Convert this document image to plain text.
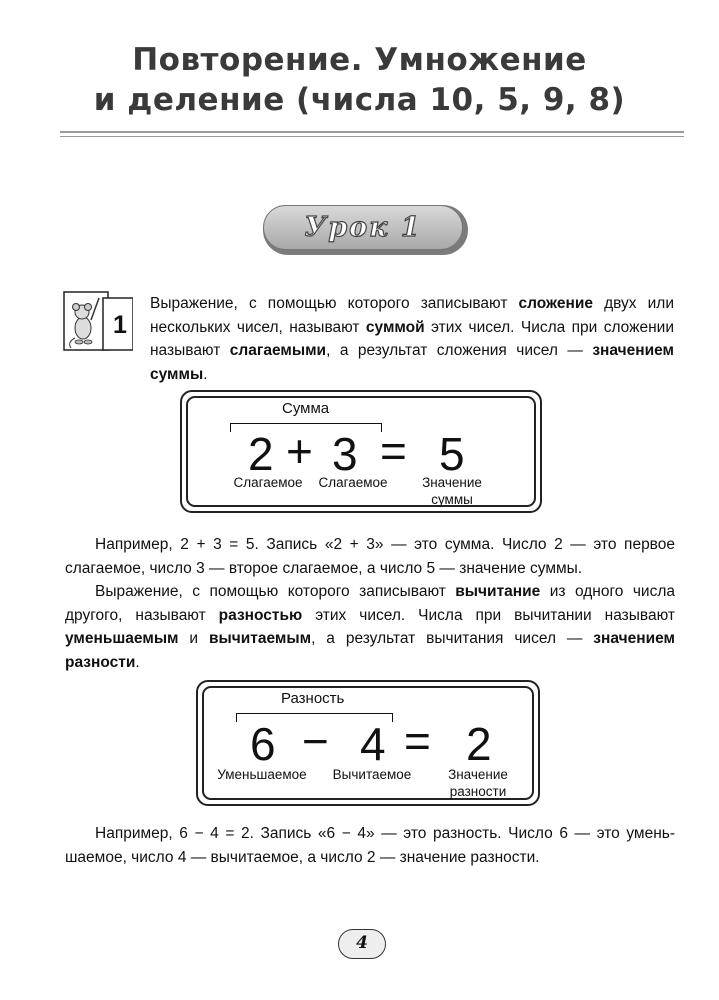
Повторение. Умножение
и деление (числа 10, 5, 9, 8)
Урок 1
1

Выражение, с помощью которого записывают сложение двух или нескольких чисел, называют суммой этих чисел. Числа при сложении называют слагаемыми, а результат сложения чисел — значением суммы.

Сумма
2 + 3 = 5
Слагаемое	Слагаемое	Значение
суммы

Например, 2 + 3 = 5. Запись «2 + 3» — это сумма. Число 2 — это первое слагаемое, число 3 — второе слагаемое, а число 5 — значение суммы.

Выражение, с помощью которого записывают вычитание из одного числа другого, называют разностью этих чисел. Числа при вычитании называют уменьшаемым и вычитаемым, а результат вычитания чисел — значением разности.

Разность
6 − 4 = 2
Уменьшаемое	Вычитаемое	Значение
разности

Например, 6 − 4 = 2. Запись «6 − 4» — это разность. Число 6 — это уменьшаемое, число 4 — вычитаемое, а число 2 — значение разности.

4
